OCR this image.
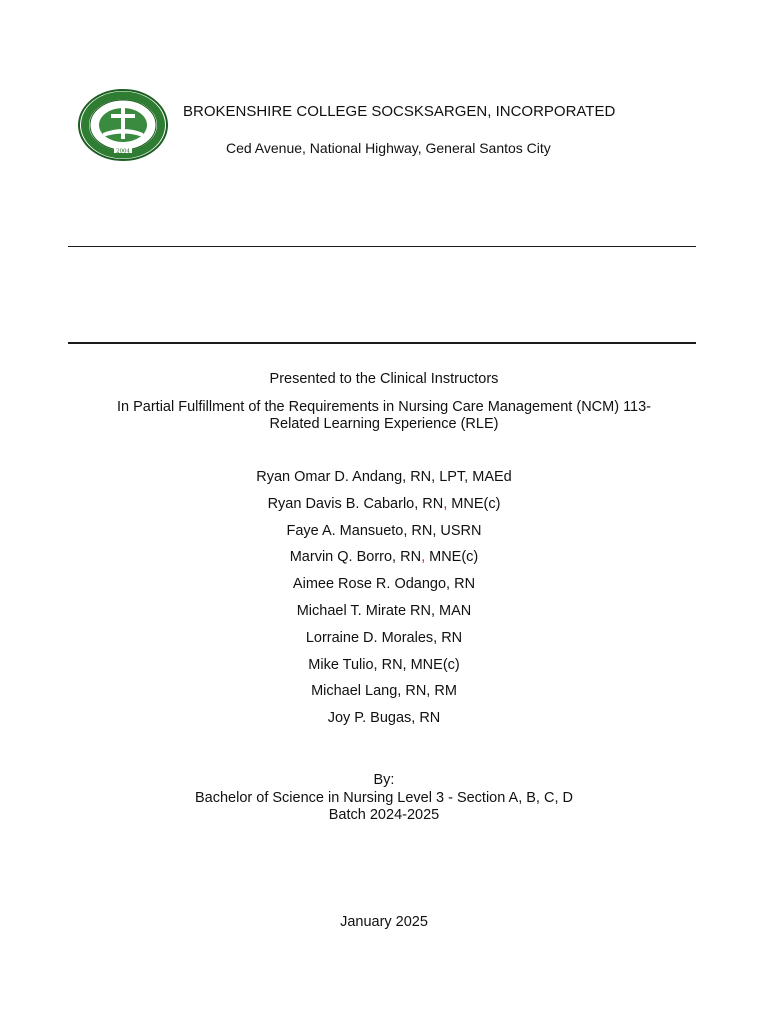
2004
BROKENSHIRE COLLEGE SOCSKSARGEN, INCORPORATED
Ced Avenue, National Highway, General Santos City
Presented to the Clinical Instructors
In Partial Fulfillment of the Requirements in Nursing Care Management (NCM) 113-
Related Learning Experience (RLE)
Ryan Omar D. Andang, RN, LPT, MAEd
Ryan Davis B. Cabarlo, RN, MNE(c)
Faye A. Mansueto, RN, USRN
Marvin Q. Borro, RN, MNE(c)
Aimee Rose R. Odango, RN
Michael T. Mirate RN, MAN
Lorraine D. Morales, RN
Mike Tulio, RN, MNE(c)
Michael Lang, RN, RM
Joy P. Bugas, RN
By:
Bachelor of Science in Nursing Level 3 - Section A, B, C, D
Batch 2024-2025
January 2025
